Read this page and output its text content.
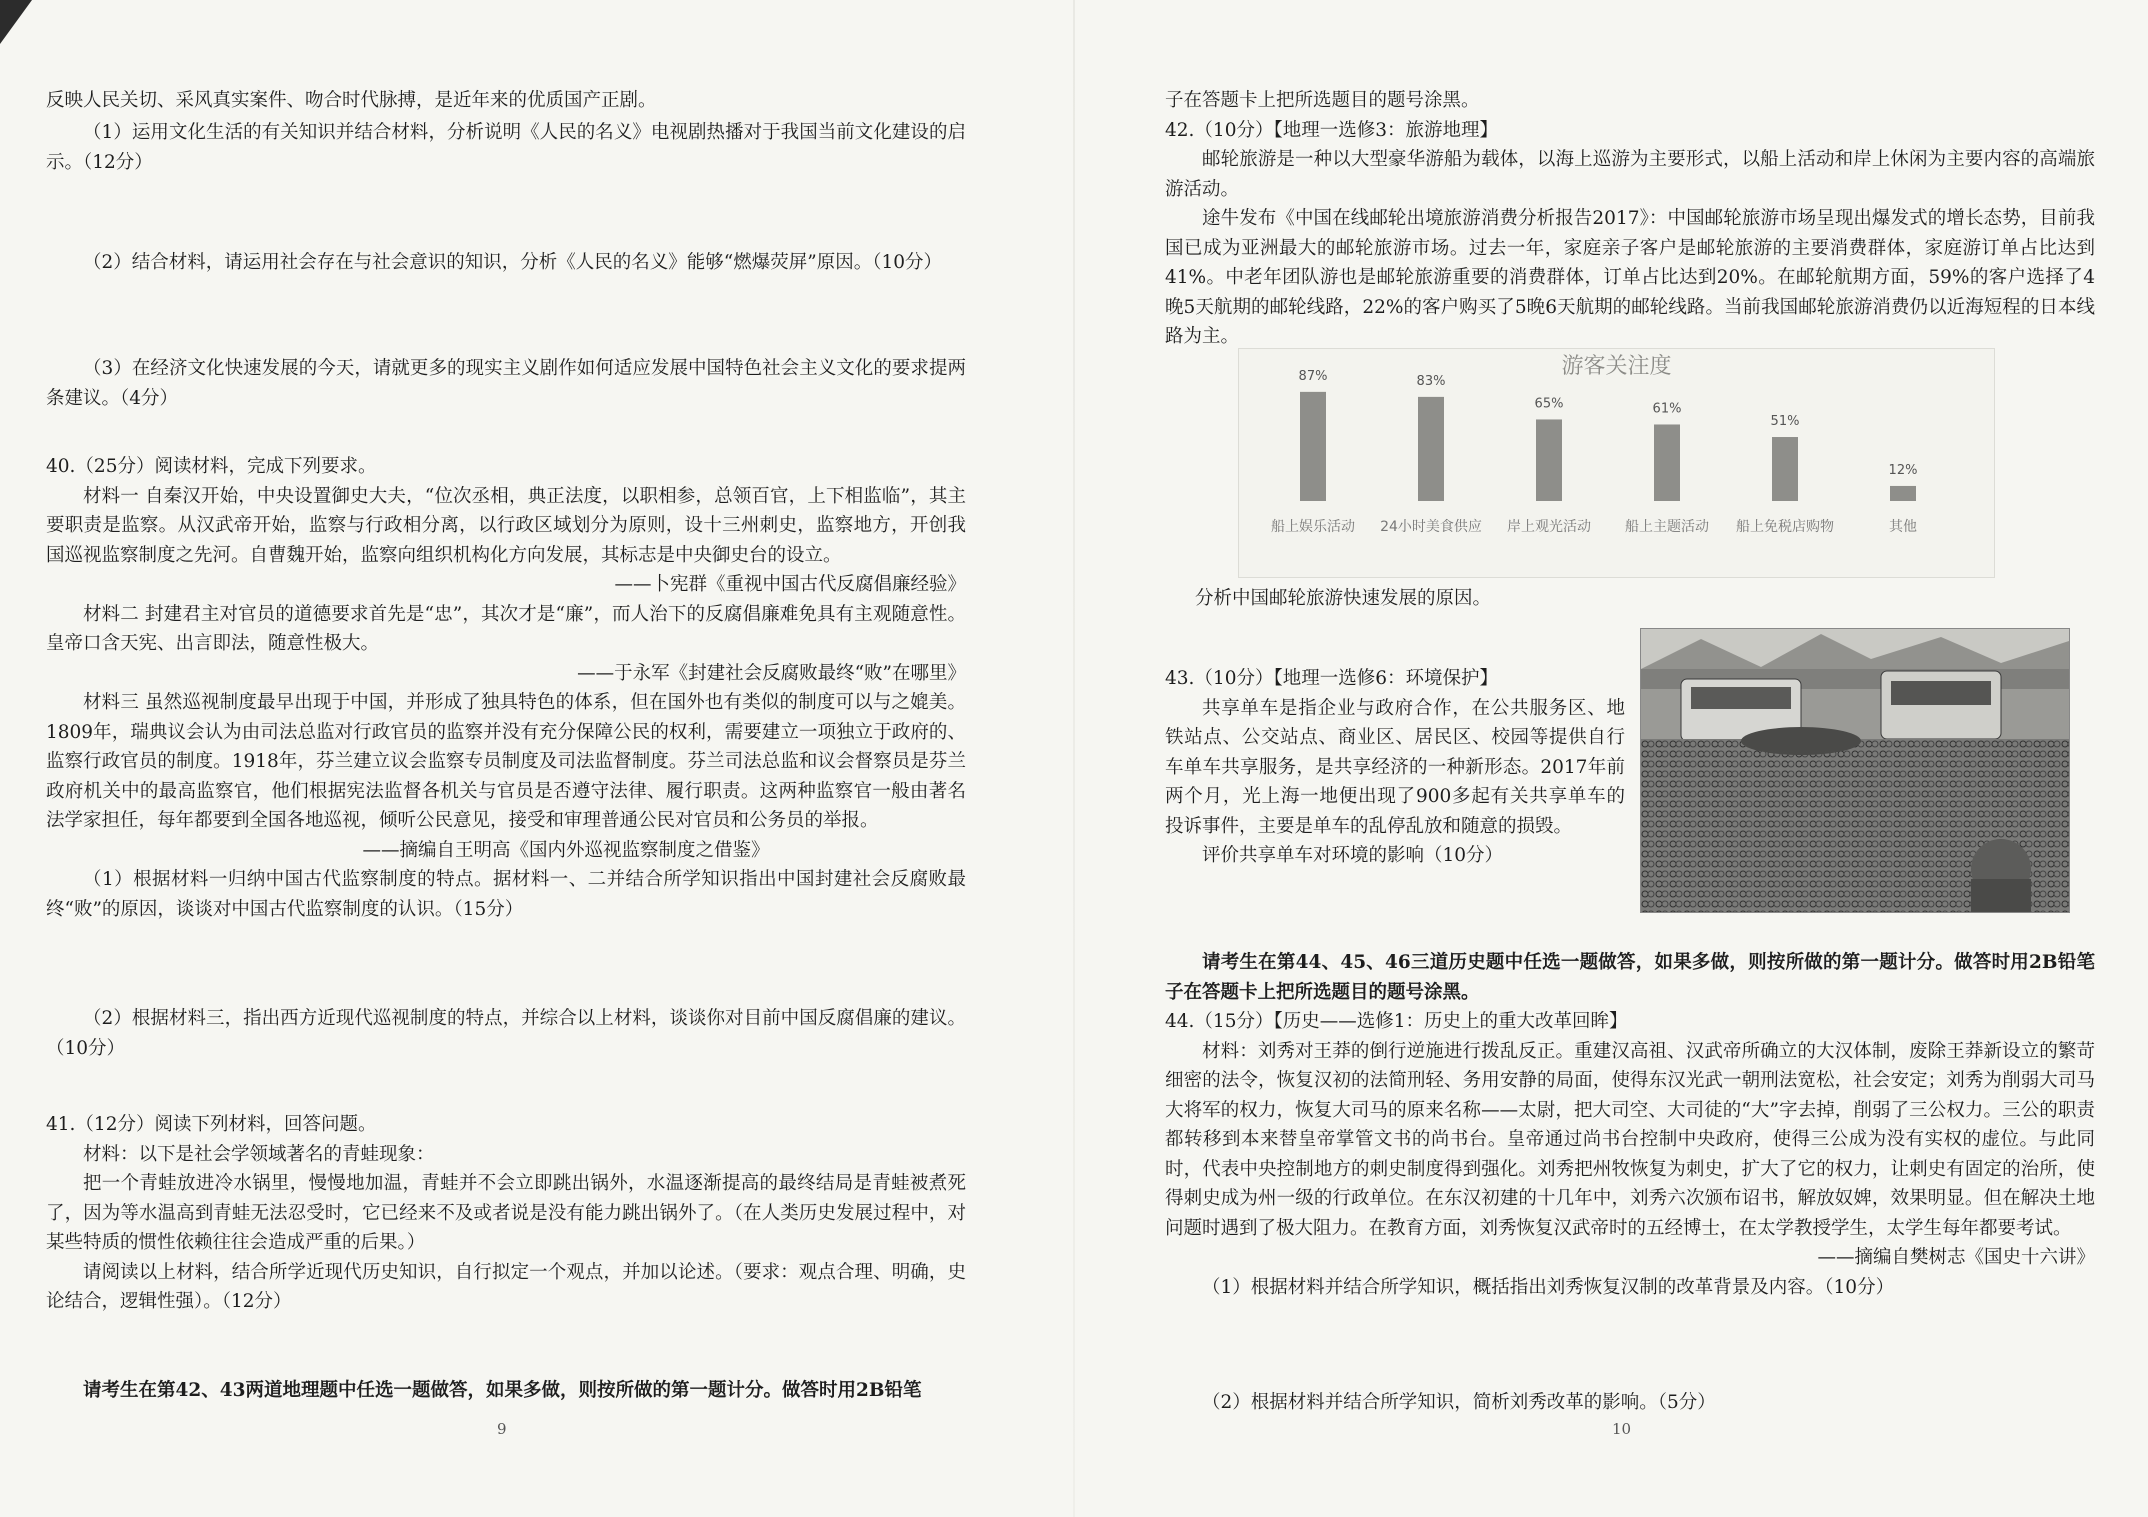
反映人民关切、采风真实案件、吻合时代脉搏，是近年来的优质国产正剧。

（1）运用文化生活的有关知识并结合材料，分析说明《人民的名义》电视剧热播对于我国当前文化建设的启示。（12分）

（2）结合材料，请运用社会存在与社会意识的知识，分析《人民的名义》能够“燃爆荧屏”原因。（10分）

（3）在经济文化快速发展的今天，请就更多的现实主义剧作如何适应发展中国特色社会主义文化的要求提两条建议。（4分）

40.（25分）阅读材料，完成下列要求。

材料一 自秦汉开始，中央设置御史大夫，“位次丞相，典正法度，以职相参，总领百官，上下相监临”，其主要职责是监察。从汉武帝开始，监察与行政相分离，以行政区域划分为原则，设十三州刺史，监察地方，开创我国巡视监察制度之先河。自曹魏开始，监察向组织机构化方向发展，其标志是中央御史台的设立。

——卜宪群《重视中国古代反腐倡廉经验》

材料二 封建君主对官员的道德要求首先是“忠”，其次才是“廉”，而人治下的反腐倡廉难免具有主观随意性。皇帝口含天宪、出言即法，随意性极大。

——于永军《封建社会反腐败最终“败”在哪里》

材料三 虽然巡视制度最早出现于中国，并形成了独具特色的体系，但在国外也有类似的制度可以与之媲美。1809年，瑞典议会认为由司法总监对行政官员的监察并没有充分保障公民的权利，需要建立一项独立于政府的、监察行政官员的制度。1918年，芬兰建立议会监察专员制度及司法监督制度。芬兰司法总监和议会督察员是芬兰政府机关中的最高监察官，他们根据宪法监督各机关与官员是否遵守法律、履行职责。这两种监察官一般由著名法学家担任，每年都要到全国各地巡视，倾听公民意见，接受和审理普通公民对官员和公务员的举报。

——摘编自王明高《国内外巡视监察制度之借鉴》

（1）根据材料一归纳中国古代监察制度的特点。据材料一、二并结合所学知识指出中国封建社会反腐败最终“败”的原因，谈谈对中国古代监察制度的认识。（15分）

（2）根据材料三，指出西方近现代巡视制度的特点，并综合以上材料，谈谈你对目前中国反腐倡廉的建议。（10分）

41.（12分）阅读下列材料，回答问题。

材料：以下是社会学领域著名的青蛙现象：

把一个青蛙放进冷水锅里，慢慢地加温，青蛙并不会立即跳出锅外，水温逐渐提高的最终结局是青蛙被煮死了，因为等水温高到青蛙无法忍受时，它已经来不及或者说是没有能力跳出锅外了。（在人类历史发展过程中，对某些特质的惯性依赖往往会造成严重的后果。）

请阅读以上材料，结合所学近现代历史知识，自行拟定一个观点，并加以论述。（要求：观点合理、明确，史论结合，逻辑性强）。（12分）

请考生在第42、43两道地理题中任选一题做答，如果多做，则按所做的第一题计分。做答时用2B铅笔

9

子在答题卡上把所选题目的题号涂黑。

42.（10分）【地理一选修3：旅游地理】

邮轮旅游是一种以大型豪华游船为载体，以海上巡游为主要形式，以船上活动和岸上休闲为主要内容的高端旅游活动。

途牛发布《中国在线邮轮出境旅游消费分析报告2017》：中国邮轮旅游市场呈现出爆发式的增长态势，目前我国已成为亚洲最大的邮轮旅游市场。过去一年，家庭亲子客户是邮轮旅游的主要消费群体，家庭游订单占比达到41%。中老年团队游也是邮轮旅游重要的消费群体，订单占比达到20%。在邮轮航期方面，59%的客户选择了4晚5天航期的邮轮线路，22%的客户购买了5晚6天航期的邮轮线路。当前我国邮轮旅游消费仍以近海短程的日本线路为主。

游客关注度
87%
船上娱乐活动
83%
24小时美食供应
65%
岸上观光活动
61%
船上主题活动
51%
船上免税店购物
12%
其他

分析中国邮轮旅游快速发展的原因。

43.（10分）【地理一选修6：环境保护】

共享单车是指企业与政府合作，在公共服务区、地铁站点、公交站点、商业区、居民区、校园等提供自行车单车共享服务，是共享经济的一种新形态。2017年前两个月，光上海一地便出现了900多起有关共享单车的投诉事件，主要是单车的乱停乱放和随意的损毁。

评价共享单车对环境的影响（10分）

请考生在第44、45、46三道历史题中任选一题做答，如果多做，则按所做的第一题计分。做答时用2B铅笔子在答题卡上把所选题目的题号涂黑。

44.（15分）【历史——选修1：历史上的重大改革回眸】

材料：刘秀对王莽的倒行逆施进行拨乱反正。重建汉高祖、汉武帝所确立的大汉体制，废除王莽新设立的繁苛细密的法令，恢复汉初的法简刑轻、务用安静的局面，使得东汉光武一朝刑法宽松，社会安定；刘秀为削弱大司马大将军的权力，恢复大司马的原来名称——太尉，把大司空、大司徒的“大”字去掉，削弱了三公权力。三公的职责都转移到本来替皇帝掌管文书的尚书台。皇帝通过尚书台控制中央政府，使得三公成为没有实权的虚位。与此同时，代表中央控制地方的刺史制度得到强化。刘秀把州牧恢复为刺史，扩大了它的权力，让刺史有固定的治所，使得刺史成为州一级的行政单位。在东汉初建的十几年中，刘秀六次颁布诏书，解放奴婢，效果明显。但在解决土地问题时遇到了极大阻力。在教育方面，刘秀恢复汉武帝时的五经博士，在太学教授学生，太学生每年都要考试。

——摘编自樊树志《国史十六讲》

（1）根据材料并结合所学知识，概括指出刘秀恢复汉制的改革背景及内容。（10分）

（2）根据材料并结合所学知识，简析刘秀改革的影响。（5分）

10
